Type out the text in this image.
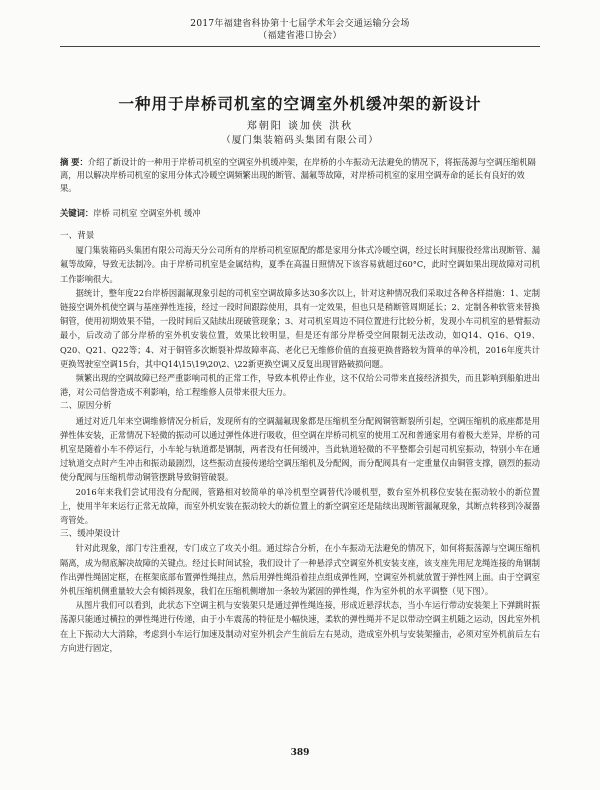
2017年福建省科协第十七届学术年会交通运输分会场
（福建省港口协会）
一种用于岸桥司机室的空调室外机缓冲架的新设计
郑朝阳 谈加侠 洪秋
（厦门集装箱码头集团有限公司）
摘 要：介绍了新设计的一种用于岸桥司机室的空调室外机缓冲架，在岸桥的小车振动无法避免的情况下，将振荡源与空调压缩机隔离，用以解决岸桥司机室的家用分体式冷暖空调频繁出现的断管、漏氟等故障，对岸桥司机室的家用空调寿命的延长有良好的效果。
关键词：岸桥 司机室 空调室外机 缓冲

一、背景

厦门集装箱码头集团有限公司海天分公司所有的岸桥司机室原配的都是家用分体式冷暖空调，经过长时间服役经常出现断管、漏氟等故障，导致无法制冷。由于岸桥司机室是金属结构，夏季在高温日照情况下该容易就超过60°C，此时空调如果出现故障对司机工作影响很大。

据统计，整年度22台岸桥因漏氟现象引起的司机室空调故障多达30多次以上，针对这种情况我们采取过各种各样措施：1、定制链接空调外机使空调与基座弹性连接，经过一段时间跟踪使用，具有一定效果，但也只是稍断管周期延长；2、定制各种软管来替换铜管，使用初期效果不错，一段时间后又陆续出现破管现象；3、对司机室周边不同位置进行比较分析，发现小车司机室的悬臂振动最小，后改动了部分岸桥的室外机安装位置，效果比较明显，但是还有部分岸桥受空间限制无法改动，如Q14、Q16、Q19、Q20、Q21、Q22等；4、对于铜管多次断裂补焊故障率高、老化已无维修价值的直接更换普路较为简单的单冷机，2016年度共计更换驾驶室空调15台，其中Q14\15\19\20\2、\22新更换空调又反复出现冒路破损问题。

频繁出现的空调故障已经严重影响司机的正常工作，导致本机停止作业，这不仅给公司带来直接经济损失，而且影响到船舶进出港，对公司信誉造成不利影响，给工程维修人员带来很大压力。

二、原因分析

通过对近几年来空调维修情况分析后，发现所有的空调漏氟现象都是压缩机至分配阀铜管断裂所引起，空调压缩机的底座都是用弹性体安装，正常情况下轻微的振动可以通过弹性体进行吸收，但空调在岸桥司机室的使用工况和普通家用有着极大差异，岸桥的司机室是随着小车不停运行，小车轮与轨道都是钢制，两者没有任何缓冲，当此轨道轻微的不平整都会引起司机室振动，特别小车在通过轨道交点时产生冲击和振动最剧烈，这些振动直接传递给空调压缩机及分配阀，而分配阀具有一定重量仅由铜管支撑，剧烈的振动使分配阀与压缩机带动铜管摆跳导致铜管破裂。

2016年来我们尝试用没有分配阀，管路相对较简单的单冷机型空调替代冷暖机型，数台室外机移位安装在振动较小的新位置上，使用半年来运行正常无故障，而室外机安装在振动较大的新位置上的新空调室还是陆续出现断管漏氟现象，其断点转移到冷凝器弯管处。

三、缓冲架设计

针对此现象，部门专注重视，专门成立了攻关小组。通过综合分析，在小车振动无法避免的情况下，如何将振荡源与空调压缩机隔离，成为彻底解决故障的关键点。经过长时间试验，我们设计了一种悬浮式空调室外机安装支座，该支座先用尼龙绳连接的角钢制作出弹性绳固定框，在框架底部布置弹性绳挂点，然后用弹性绳沿着挂点组成弹性网，空调室外机就放置于弹性网上面。由于空调室外机压缩机侧重量较大会有倾斜现象，我们在压缩机侧增加一条较为紧固的弹性绳，作为室外机的水平调整（见下图）。

从图片我们可以看到，此状态下空调主机与安装架只是通过弹性绳连接，形成近悬浮状态，当小车运行带动安装架上下弹跳时振荡源只能通过横拉的弹性绳进行传递，由于小车震荡的特征是小幅快速，柔软的弹性绳并不足以带动空调主机随之运动，因此室外机在上下振动大大消除，考虑到小车运行加速及制动对室外机会产生前后左右晃动，造成室外机与安装架撞击，必须对室外机前后左右方向进行固定，

389
